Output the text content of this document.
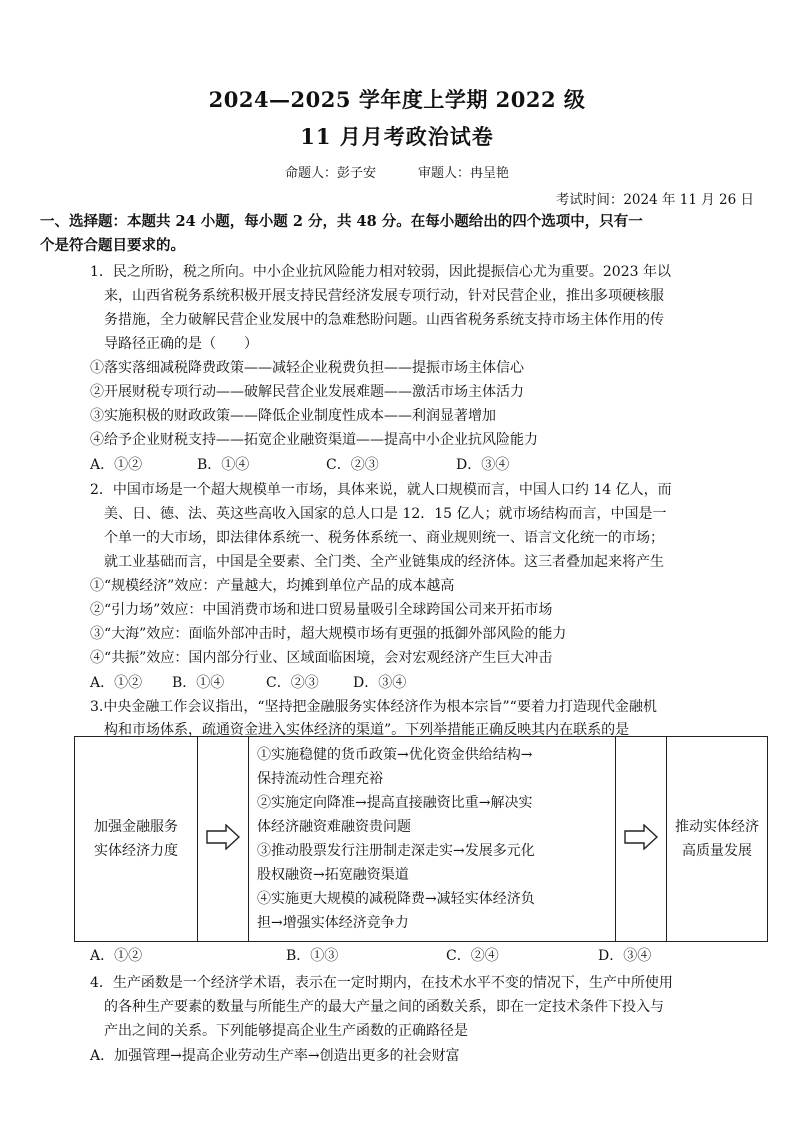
2024—2025 学年度上学期 2022 级
11 月月考政治试卷
命题人：彭子安	审题人：冉呈艳
考试时间：2024 年 11 月 26 日
一、选择题：本题共 24 小题，每小题 2 分，共 48 分。在每小题给出的四个选项中，只有一
个是符合题目要求的。
1．民之所盼，税之所向。中小企业抗风险能力相对较弱，因此提振信心尤为重要。2023 年以
来，山西省税务系统积极开展支持民营经济发展专项行动，针对民营企业，推出多项硬核服
务措施，全力破解民营企业发展中的急难愁盼问题。山西省税务系统支持市场主体作用的传
导路径正确的是（　　）
①落实落细减税降费政策——减轻企业税费负担——提振市场主体信心
②开展财税专项行动——破解民营企业发展难题——激活市场主体活力
③实施积极的财政政策——降低企业制度性成本——利润显著增加
④给予企业财税支持——拓宽企业融资渠道——提高中小企业抗风险能力
A．①②	B．①④	C．②③	D．③④
2．中国市场是一个超大规模单一市场，具体来说，就人口规模而言，中国人口约 14 亿人，而
美、日、德、法、英这些高收入国家的总人口是 12．15 亿人；就市场结构而言，中国是一
个单一的大市场，即法律体系统一、税务体系统一、商业规则统一、语言文化统一的市场；
就工业基础而言，中国是全要素、全门类、全产业链集成的经济体。这三者叠加起来将产生
①“规模经济”效应：产量越大，均摊到单位产品的成本越高
②“引力场”效应：中国消费市场和进口贸易量吸引全球跨国公司来开拓市场
③“大海”效应：面临外部冲击时，超大规模市场有更强的抵御外部风险的能力
④“共振”效应：国内部分行业、区域面临困境，会对宏观经济产生巨大冲击
A．①② B．①④	C．②③ D．③④
3.中央金融工作会议指出，“坚持把金融服务实体经济作为根本宗旨”“要着力打造现代金融机
构和市场体系，疏通资金进入实体经济的渠道”。下列举措能正确反映其内在联系的是
加强金融服务
实体经济力度

①实施稳健的货币政策→优化资金供给结构→
保持流动性合理充裕
②实施定向降准→提高直接融资比重→解决实
体经济融资难融资贵问题
③推动股票发行注册制走深走实→发展多元化
股权融资→拓宽融资渠道
④实施更大规模的减税降费→减轻实体经济负
担→增强实体经济竞争力

推动实体经济
高质量发展
A．①②	B．①③	C．②④	D．③④
4．生产函数是一个经济学术语，表示在一定时期内，在技术水平不变的情况下，生产中所使用
的各种生产要素的数量与所能生产的最大产量之间的函数关系，即在一定技术条件下投入与
产出之间的关系。下列能够提高企业生产函数的正确路径是
A．加强管理→提高企业劳动生产率→创造出更多的社会财富
